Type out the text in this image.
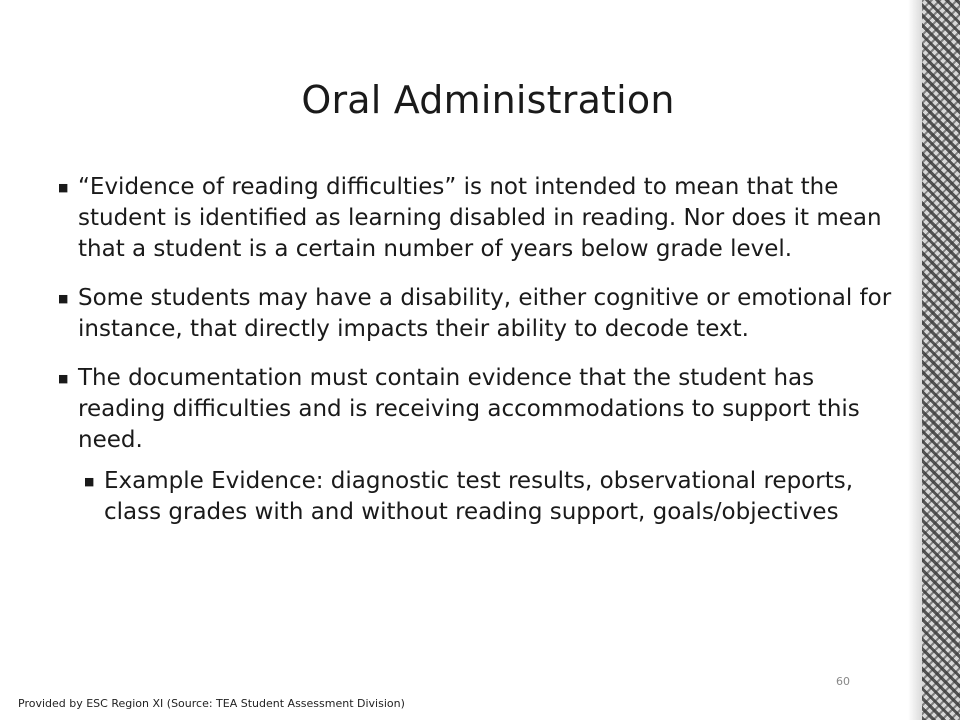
Oral Administration
■ “Evidence of reading difficulties” is not intended to mean that the student is identified as learning disabled in reading. Nor does it mean that a student is a certain number of years below grade level.
■ Some students may have a disability, either cognitive or emotional for instance, that directly impacts their ability to decode text.
■ The documentation must contain evidence that the student has reading difficulties and is receiving accommodations to support this need.
■ Example Evidence: diagnostic test results, observational reports, class grades with and without reading support, goals/objectives
60
Provided by ESC Region XI (Source: TEA Student Assessment Division)
